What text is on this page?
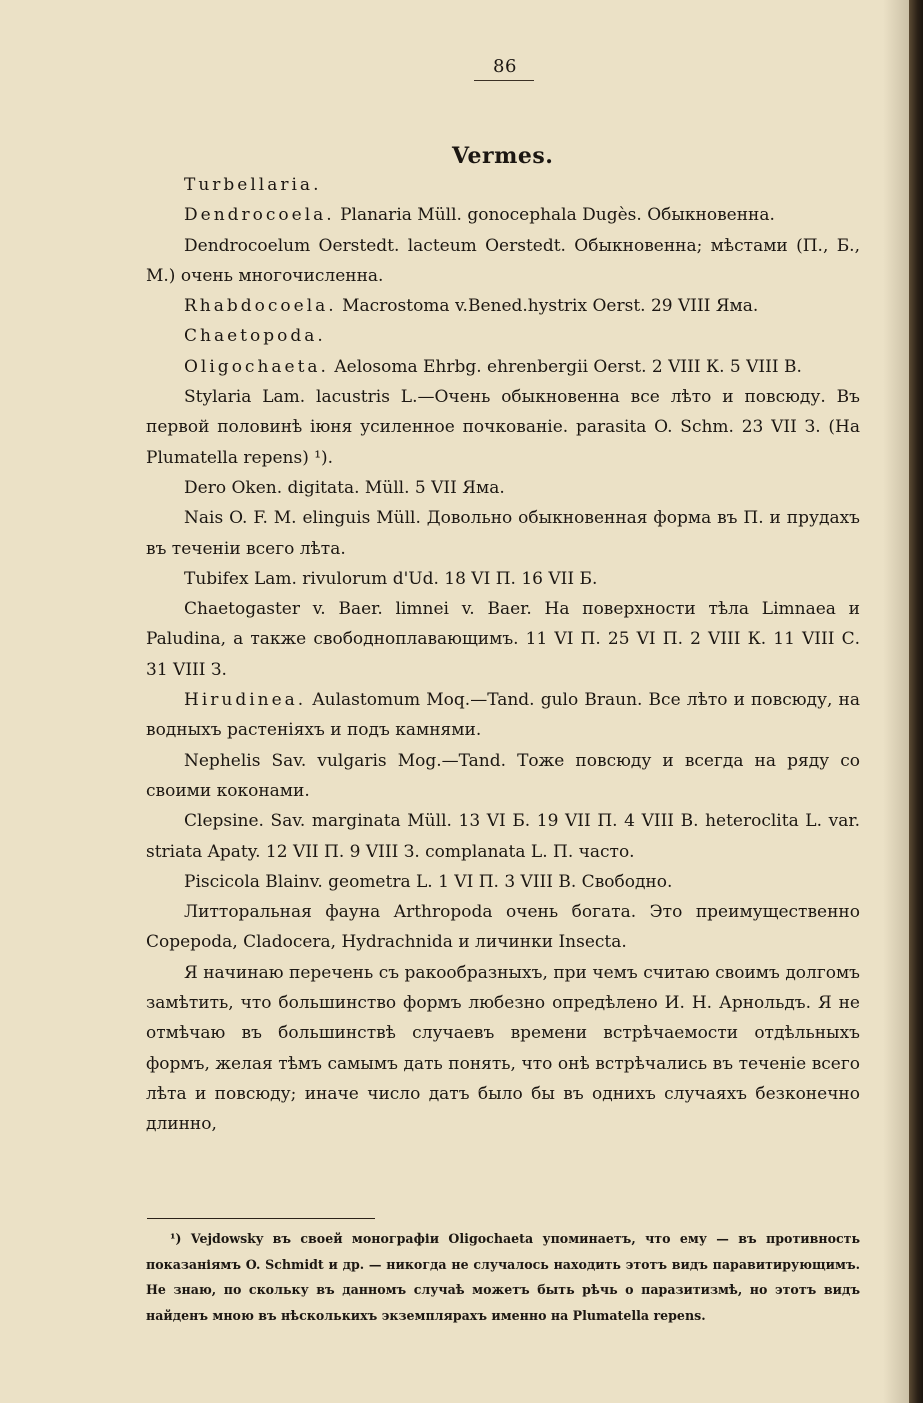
86
Vermes.

Turbellaria.

Dendrocoela. Planaria Müll. gonocephala Dugès. Обыкновенна.

Dendrocoelum Oerstedt. lacteum Oerstedt. Обыкновенна; мѣстами (П., Б., М.) очень многочисленна.

Rhabdocoela. Macrostoma v.Bened.hystrix Oerst. 29 VIII Яма.

Chaetopoda.

Oligochaeta. Aelosoma Ehrbg. ehrenbergii Oerst. 2 VIII К. 5 VIII В.

Stylaria Lam. lacustris L.—Очень обыкновенна все лѣто и повсюду. Въ первой половинѣ іюня усиленное почкованіе. parasita O. Schm. 23 VII З. (На Plumatella repens) ¹).

Dero Oken. digitata. Müll. 5 VII Яма.

Nais O. F. M. elinguis Müll. Довольно обыкновенная форма въ П. и прудахъ въ теченіи всего лѣта.

Tubifex Lam. rivulorum d'Ud. 18 VI П. 16 VII Б.

Chaetogaster v. Baer. limnei v. Baer. На поверхности тѣла Limnaea и Paludina, а также свободноплавающимъ. 11 VI П. 25 VI П. 2 VIII К. 11 VIII С. 31 VIII З.

Hirudinea. Aulastomum Moq.—Tand. gulo Braun. Все лѣто и повсюду, на водныхъ растеніяхъ и подъ камнями.

Nephelis Sav. vulgaris Mog.—Tand. Тоже повсюду и всегда на ряду со своими коконами.

Clepsine. Sav. marginata Müll. 13 VI Б. 19 VII П. 4 VIII В. heteroclita L. var. striata Apaty. 12 VII П. 9 VIII З. complanata L. П. часто.

Piscicola Blainv. geometra L. 1 VI П. 3 VIII В. Свободно.

Литторальная фауна Arthropoda очень богата. Это преимущественно Copepoda, Cladocera, Hydrachnida и личинки Insecta.

Я начинаю перечень съ ракообразныхъ, при чемъ считаю своимъ долгомъ замѣтить, что большинство формъ любезно опредѣлено И. Н. Арнольдъ. Я не отмѣчаю въ большинствѣ случаевъ времени встрѣчаемости отдѣльныхъ формъ, желая тѣмъ самымъ дать понять, что онѣ встрѣчались въ теченіе всего лѣта и повсюду; иначе число датъ было бы въ однихъ случаяхъ безконечно длинно,

¹) Vejdowsky въ своей монографіи Oligochaeta упоминаетъ, что ему — въ противность показаніямъ O. Schmidt и др. — никогда не случалось находить этотъ видъ паравитирующимъ. Не знаю, по скольку въ данномъ случаѣ можетъ быть рѣчь о паразитизмѣ, но этотъ видъ найденъ мною въ нѣсколькихъ экземплярахъ именно на Plumatella repens.
